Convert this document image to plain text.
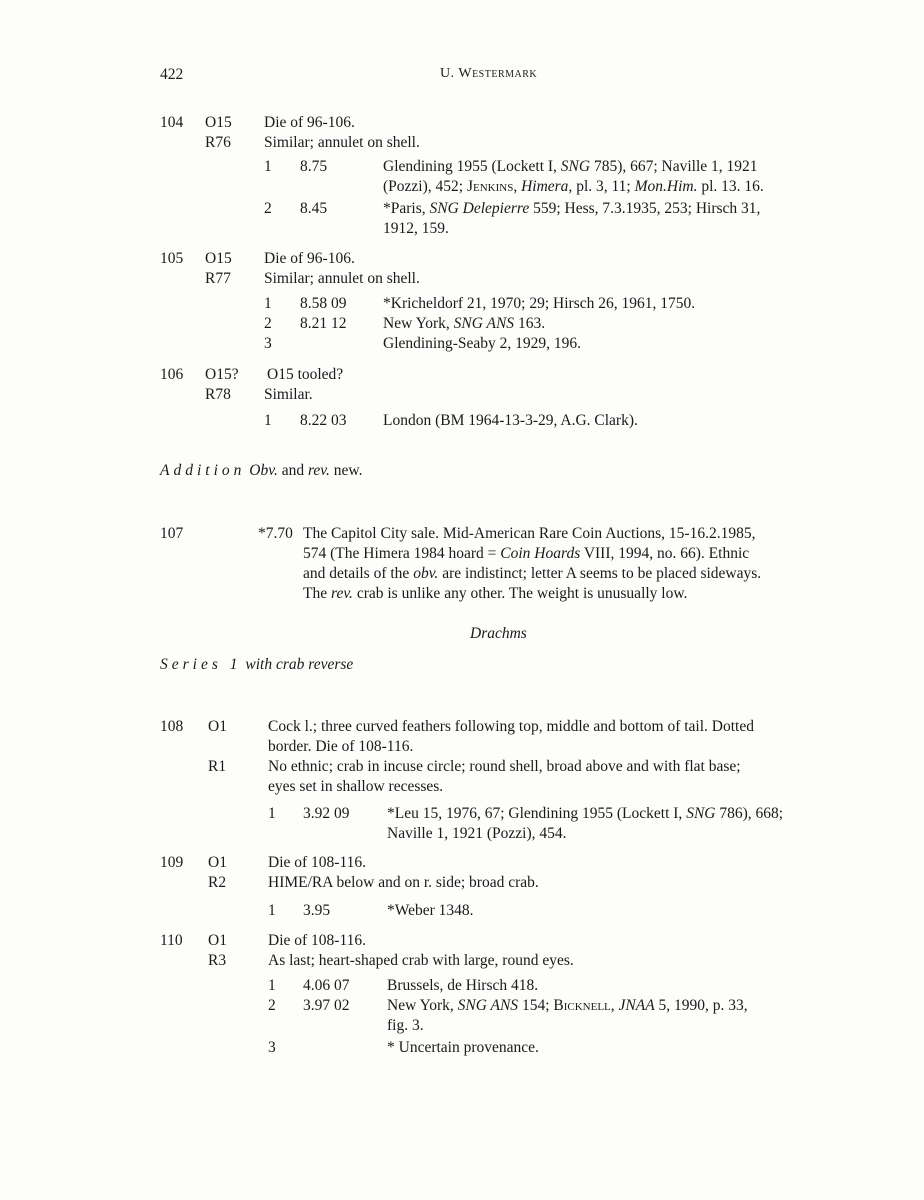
422	U. Westermark
104 O15 Die of 96-106.
R76 Similar; annulet on shell.
1 8.75	Glendining 1955 (Lockett I, SNG 785), 667; Naville 1, 1921
(Pozzi), 452; Jenkins, Himera, pl. 3, 11; Mon.Him. pl. 13. 16.
2 8.45	*Paris, SNG Delepierre 559; Hess, 7.3.1935, 253; Hirsch 31,
1912, 159.
105 O15 Die of 96-106.
R77 Similar; annulet on shell.
1 8.58 09 *Kricheldorf 21, 1970; 29; Hirsch 26, 1961, 1750.
2 8.21 12 New York, SNG ANS 163.
3	Glendining-Seaby 2, 1929, 196.
106 O15? O15 tooled?
R78 Similar.
1 8.22 03 London (BM 1964-13-3-29, A.G. Clark).
Addition Obv. and rev. new.
107	*7.70 The Capitol City sale. Mid-American Rare Coin Auctions, 15-16.2.1985,
574 (The Himera 1984 hoard = Coin Hoards VIII, 1994, no. 66). Ethnic
and details of the obv. are indistinct; letter A seems to be placed sideways.
The rev. crab is unlike any other. The weight is unusually low.
Drachms
Series 1 with crab reverse
108 O1	Cock l.; three curved feathers following top, middle and bottom of tail. Dotted
border. Die of 108-116.
R1	No ethnic; crab in incuse circle; round shell, broad above and with flat base;
eyes set in shallow recesses.
1 3.92 09 *Leu 15, 1976, 67; Glendining 1955 (Lockett I, SNG 786), 668;
Naville 1, 1921 (Pozzi), 454.
109 O1	Die of 108-116.
R2	HIME/RA below and on r. side; broad crab.
1 3.95	*Weber 1348.
110 O1	Die of 108-116.
R3	As last; heart-shaped crab with large, round eyes.
1 4.06 07 Brussels, de Hirsch 418.
2 3.97 02 New York, SNG ANS 154; Bicknell, JNAA 5, 1990, p. 33,
fig. 3.
3	* Uncertain provenance.
